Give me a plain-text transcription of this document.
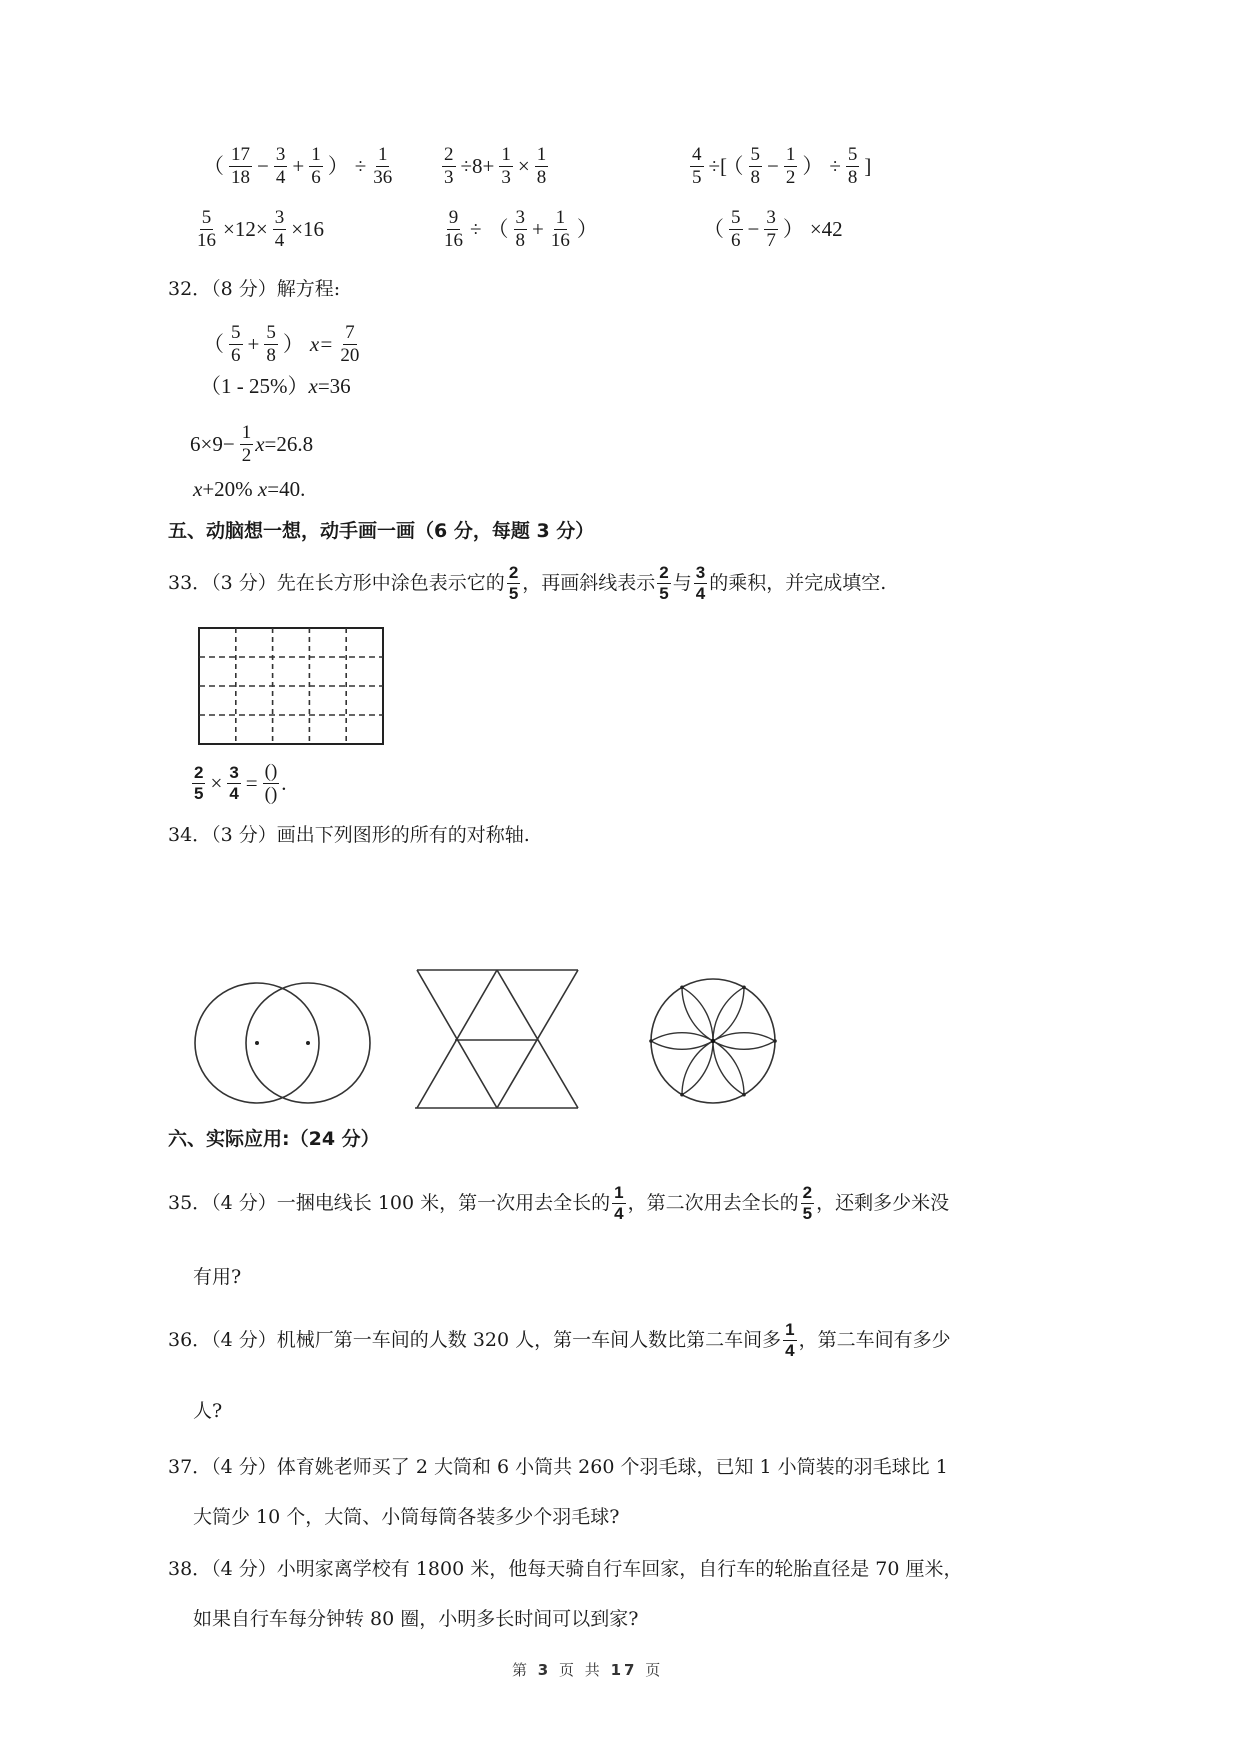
（ $\frac{17}{18} - \frac{3}{4} + \frac{1}{6}$ ） ÷ $\frac{1}{36}$	$\frac{2}{3} \div 8+ \frac{1}{3} \times \frac{1}{8}$	$\frac{4}{5}$ ÷[ （ $\frac{5}{8} - \frac{1}{2}$ ） ÷ $\frac{5}{8}$ ]
$\frac{5}{16} \times 12\times \frac{3}{4} \times 16$	$\frac{9}{16}$ ÷ （ $\frac{3}{8} + \frac{1}{16}$ ）	（ $\frac{5}{6} - \frac{3}{7}$ ） ×42
32．（8 分）解方程:
（ $\frac{5}{6} + \frac{5}{8}$ ） $x= \frac{7}{20}$
（1 - 25%）x=36
$6\times 9- \frac{1}{2} x=26.8$
x+20% x=40.
五、动脑想一想，动手画一画（6 分，每题 3 分）
33．（3 分）先在长方形中涂色表示它的 $\frac{2}{5}$ ，再画斜线表示 $\frac{2}{5}$ 与 $\frac{3}{4}$ 的乘积，并完成填空.
$\frac{2}{5} \times \frac{3}{4} = \frac{()}{()}$ .
34．（3 分）画出下列图形的所有的对称轴.
六、实际应用:（24 分）
35．（4 分）一捆电线长 100 米，第一次用去全长的 $\frac{1}{4}$ ，第二次用去全长的 $\frac{2}{5}$ ，还剩多少米没
有用?
36．（4 分）机械厂第一车间的人数 320 人，第一车间人数比第二车间多 $\frac{1}{4}$ ，第二车间有多少
人?
37．（4 分）体育姚老师买了 2 大筒和 6 小筒共 260 个羽毛球，已知 1 小筒装的羽毛球比 1
大筒少 10 个，大筒、小筒每筒各装多少个羽毛球?
38．（4 分）小明家离学校有 1800 米，他每天骑自行车回家，自行车的轮胎直径是 70 厘米，
如果自行车每分钟转 80 圈，小明多长时间可以到家?
第 3 页 共 17 页
